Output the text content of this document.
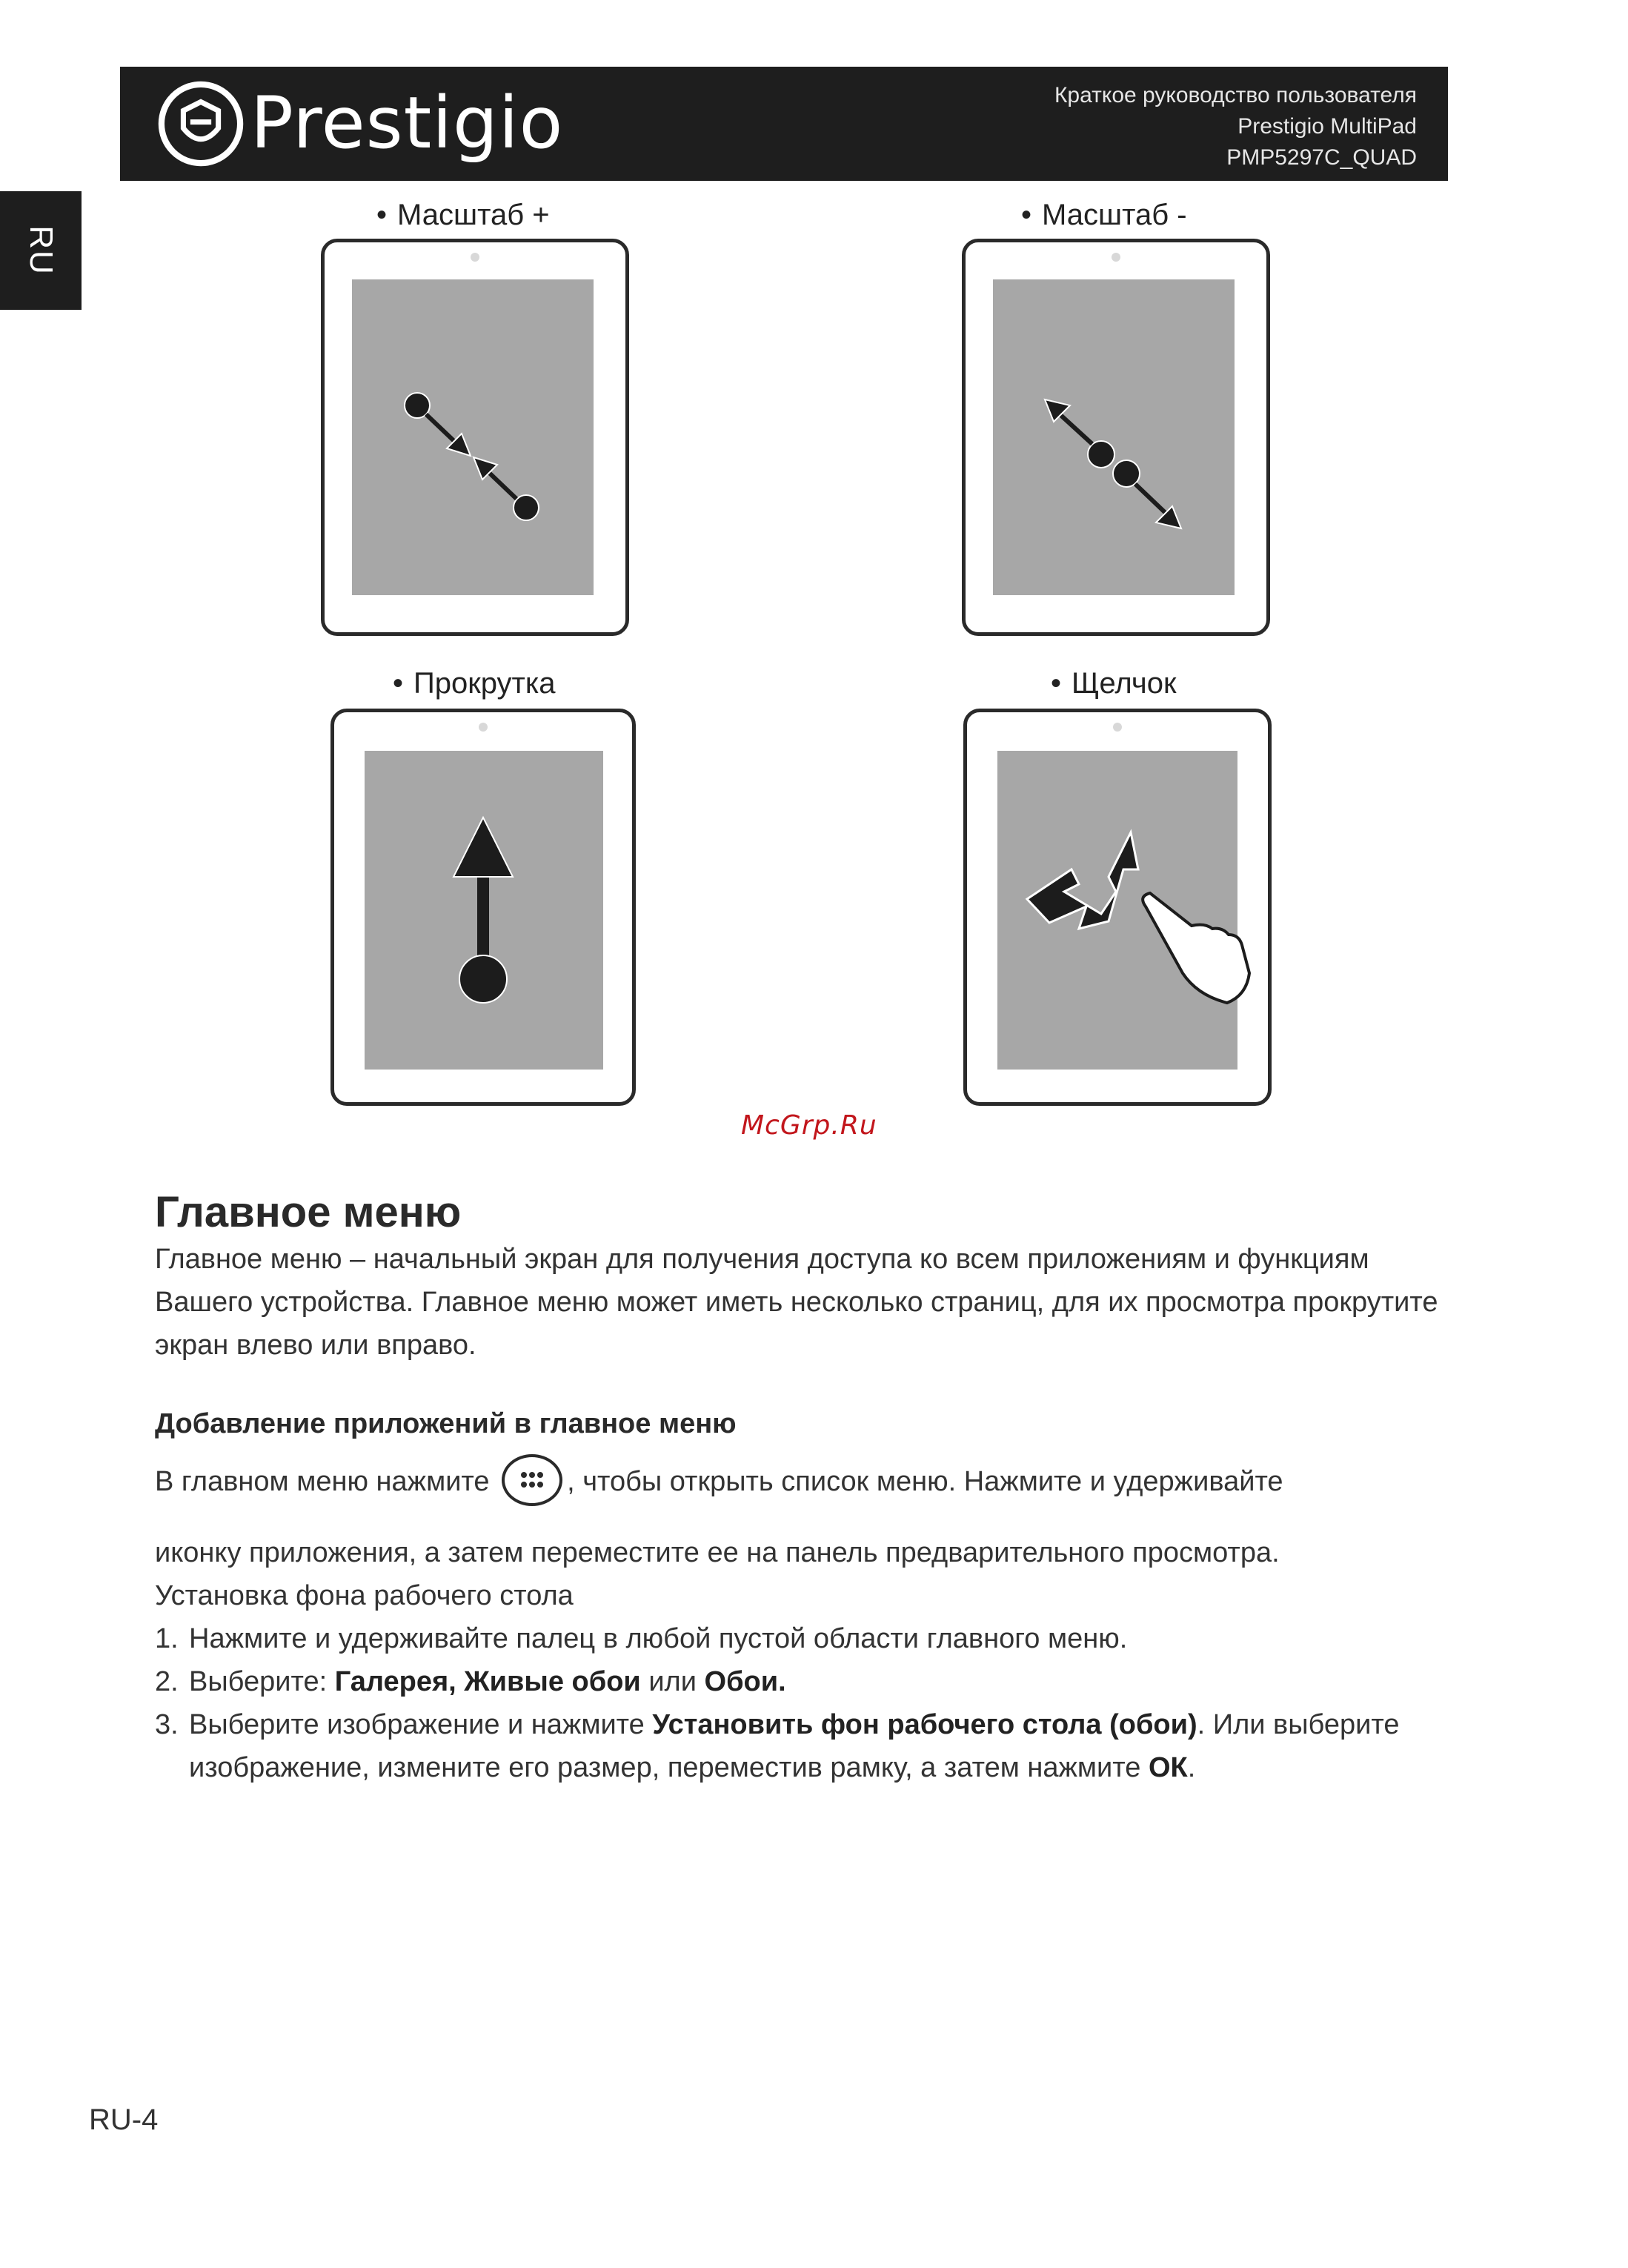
Prestigio	Краткое руководство пользователя
Prestigio MultiPad
PMP5297C_QUAD
RU
• Масштаб +	• Масштаб -
• Прокрутка	• Щелчок
McGrp.Ru
Главное меню
Главное меню – начальный экран для получения доступа ко всем приложениям и функциям Вашего устройства. Главное меню может иметь несколько страниц, для их просмотра прокрутите экран влево или вправо.
Добавление приложений в главное меню
В главном меню нажмите	, чтобы открыть список меню. Нажмите и удерживайте
иконку приложения, а затем переместите ее на панель предварительного просмотра.
Установка фона рабочего стола
1. Нажмите и удерживайте палец в любой пустой области главного меню.
2. Выберите: Галерея, Живые обои или Обои.
3. Выберите изображение и нажмите Установить фон рабочего стола (обои). Или выберите изображение, измените его размер, переместив рамку, а затем нажмите ОК.
RU-4
